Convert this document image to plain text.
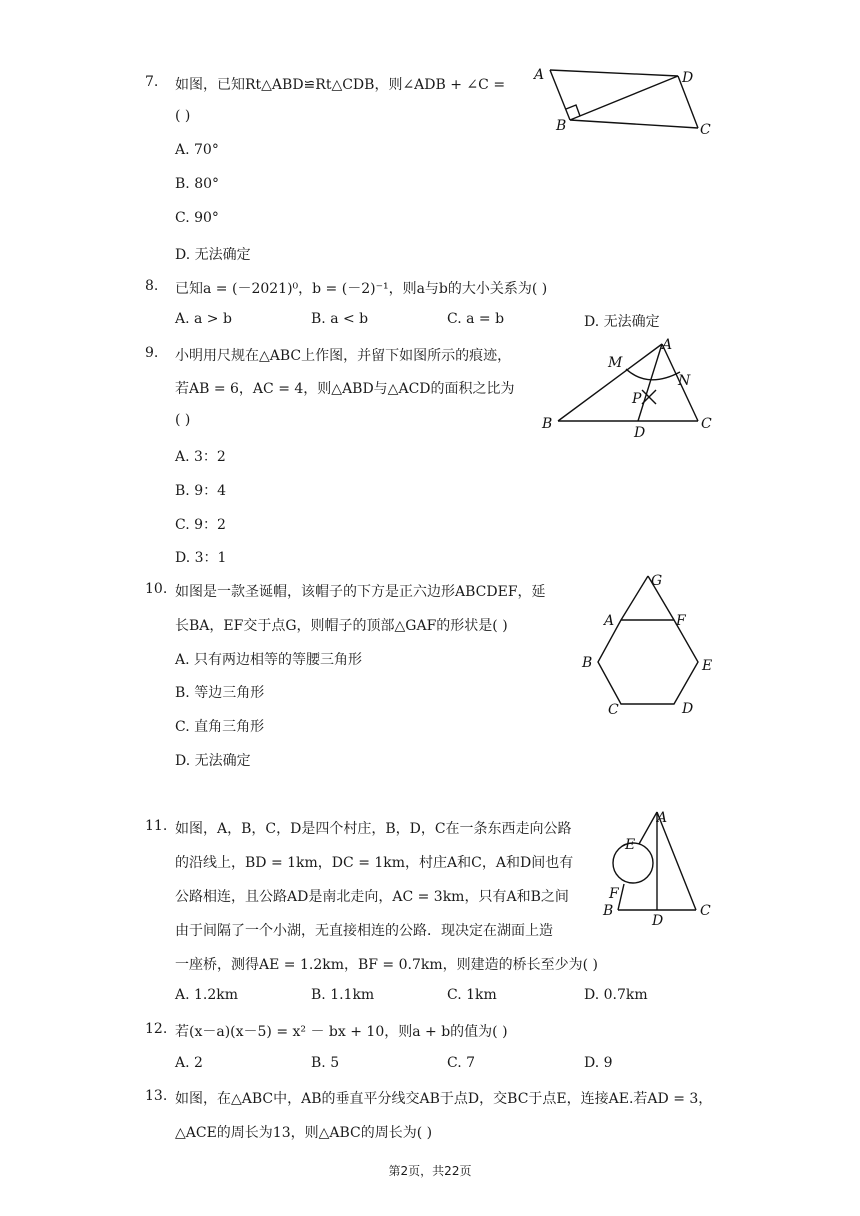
7.	如图，已知Rt△ABD≌Rt△CDB，则∠ADB + ∠C =
( )
A. 70°
B. 80°
C. 90°
D. 无法确定
A	D
B	C
8.	已知a = (－2021)⁰，b = (－2)⁻¹，则a与b的大小关系为( )
A. a > b	B. a < b	C. a = b	D. 无法确定
9.	小明用尺规在△ABC上作图，并留下如图所示的痕迹，
若AB = 6，AC = 4，则△ABD与△ACD的面积之比为
( )
A. 3：2
B. 9：4
C. 9：2
D. 3：1
M
A
N
P
B
D
C
10. 如图是一款圣诞帽，该帽子的下方是正六边形ABCDEF，延
长BA，EF交于点G，则帽子的顶部△GAF的形状是( )
A. 只有两边相等的等腰三角形
B. 等边三角形
C. 直角三角形
D. 无法确定
G
A	F
B	E
C	D
11. 如图，A，B，C，D是四个村庄，B，D，C在一条东西走向公路
的沿线上，BD = 1km，DC = 1km，村庄A和C，A和D间也有
公路相连，且公路AD是南北走向，AC = 3km，只有A和B之间
由于间隔了一个小湖，无直接相连的公路．现决定在湖面上造
一座桥，测得AE = 1.2km，BF = 0.7km，则建造的桥长至少为( )
A. 1.2km	B. 1.1km	C. 1km	D. 0.7km
E
A
F
B
D
C
12. 若(x－a)(x－5) = x² － bx + 10，则a + b的值为( )
A. 2	B. 5	C. 7	D. 9
13. 如图，在△ABC中，AB的垂直平分线交AB于点D，交BC于点E，连接AE.若AD = 3，
△ACE的周长为13，则△ABC的周长为( )
第2页，共22页
